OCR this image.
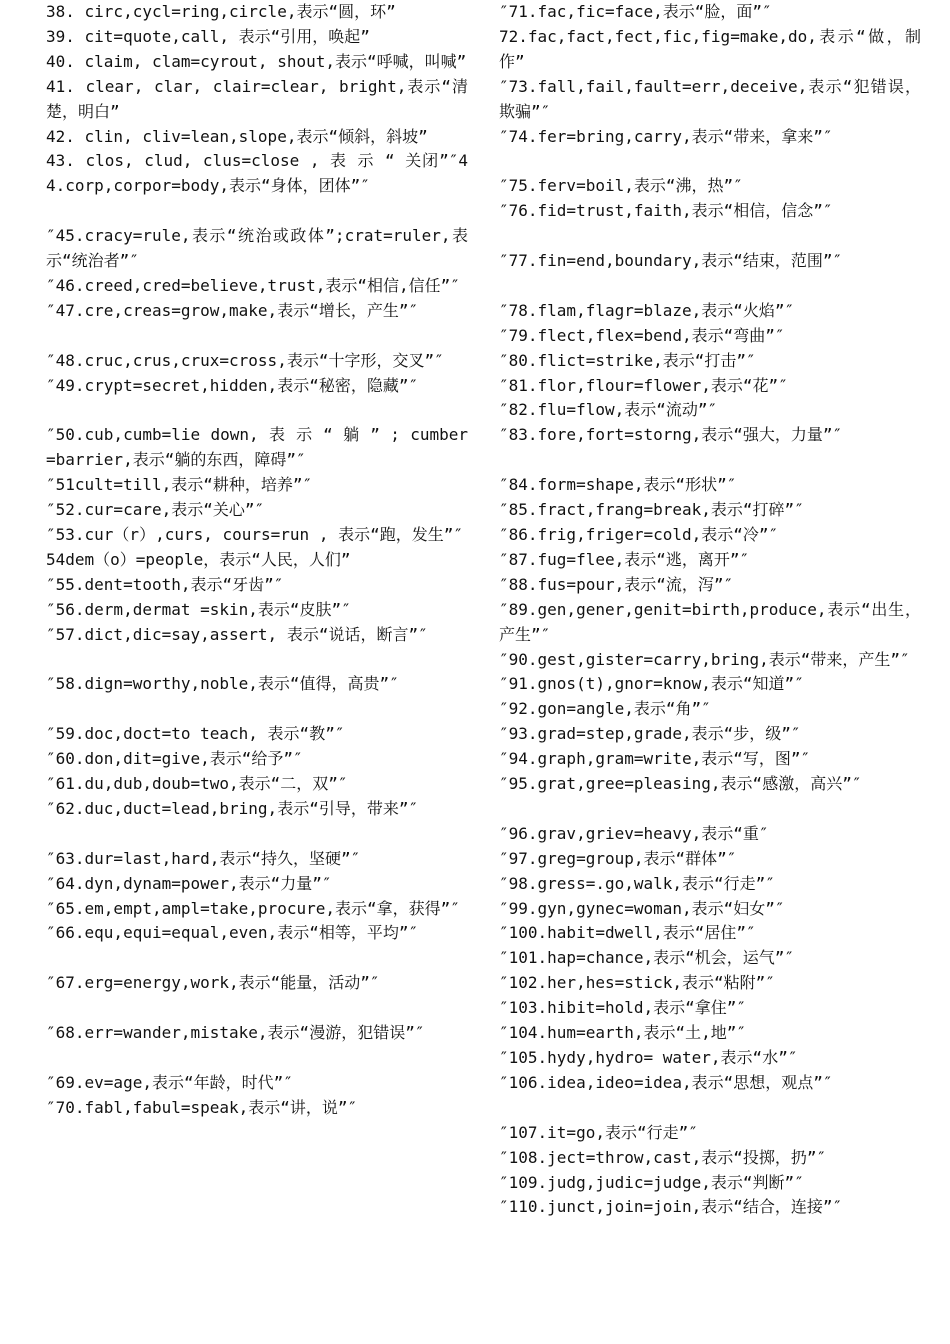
38. circ,cycl=ring,circle,表示“圆，环”
39. cit=quote,call, 表示“引用，唤起”
40. claim, clam=cyrout, shout,表示“呼喊，叫喊”
41. clear, clar, clair=clear, bright,表示“清楚，明白”
42. clin, cliv=lean,slope,表示“倾斜，斜坡”
43. clos, clud, clus=close , 表 示 “ 关闭”″44.corp,corpor=body,表示“身体，团体”″
″45.cracy=rule,表示“统治或政体”;crat=ruler,表示“统治者”″
″46.creed,cred=believe,trust,表示“相信,信任”″
″47.cre,creas=grow,make,表示“增长，产生”″
″48.cruc,crus,crux=cross,表示“十字形，交叉”″
″49.crypt=secret,hidden,表示“秘密，隐藏”″
″50.cub,cumb=lie down, 表 示 “ 躺 ” ; cumber=barrier,表示“躺的东西，障碍”″
″51cult=till,表示“耕种，培养”″
″52.cur=care,表示“关心”″
″53.cur（r）,curs, cours=run , 表示“跑，发生”″
54dem（o）=people，表示“人民，人们”
″55.dent=tooth,表示“牙齿”″
″56.derm,dermat =skin,表示“皮肤”″
″57.dict,dic=say,assert, 表示“说话，断言”″
″58.dign=worthy,noble,表示“值得，高贵”″
″59.doc,doct=to teach, 表示“教”″
″60.don,dit=give,表示“给予”″
″61.du,dub,doub=two,表示“二，双”″
″62.duc,duct=lead,bring,表示“引导，带来”″
″63.dur=last,hard,表示“持久，坚硬”″
″64.dyn,dynam=power,表示“力量”″
″65.em,empt,ampl=take,procure,表示“拿，获得”″
″66.equ,equi=equal,even,表示“相等，平均”″
″67.erg=energy,work,表示“能量，活动”″
″68.err=wander,mistake,表示“漫游，犯错误”″
″69.ev=age,表示“年龄，时代”″
″70.fabl,fabul=speak,表示“讲，说”″
″71.fac,fic=face,表示“脸，面”″
72.fac,fact,fect,fic,fig=make,do,表示“做，制作”
″73.fall,fail,fault=err,deceive,表示“犯错误，欺骗”″
″74.fer=bring,carry,表示“带来，拿来”″
″75.ferv=boil,表示“沸，热”″
″76.fid=trust,faith,表示“相信，信念”″
″77.fin=end,boundary,表示“结束，范围”″
″78.flam,flagr=blaze,表示“火焰”″
″79.flect,flex=bend,表示“弯曲”″
″80.flict=strike,表示“打击”″
″81.flor,flour=flower,表示“花”″
″82.flu=flow,表示“流动”″
″83.fore,fort=storng,表示“强大，力量”″
″84.form=shape,表示“形状”″
″85.fract,frang=break,表示“打碎”″
″86.frig,friger=cold,表示“冷”″
″87.fug=flee,表示“逃，离开”″
″88.fus=pour,表示“流，泻”″
″89.gen,gener,genit=birth,produce,表示“出生，产生”″
″90.gest,gister=carry,bring,表示“带来，产生”″
″91.gnos(t),gnor=know,表示“知道”″
″92.gon=angle,表示“角”″
″93.grad=step,grade,表示“步，级”″
″94.graph,gram=write,表示“写，图”″
″95.grat,gree=pleasing,表示“感激，高兴”″
″96.grav,griev=heavy,表示“重″
″97.greg=group,表示“群体”″
″98.gress=.go,walk,表示“行走”″
″99.gyn,gynec=woman,表示“妇女”″
″100.habit=dwell,表示“居住”″
″101.hap=chance,表示“机会，运气”″
″102.her,hes=stick,表示“粘附”″
″103.hibit=hold,表示“拿住”″
″104.hum=earth,表示“土,地”″
″105.hydy,hydro= water,表示“水”″
″106.idea,ideo=idea,表示“思想，观点”″
″107.it=go,表示“行走”″
″108.ject=throw,cast,表示“投掷，扔”″
″109.judg,judic=judge,表示“判断”″
″110.junct,join=join,表示“结合，连接”″
